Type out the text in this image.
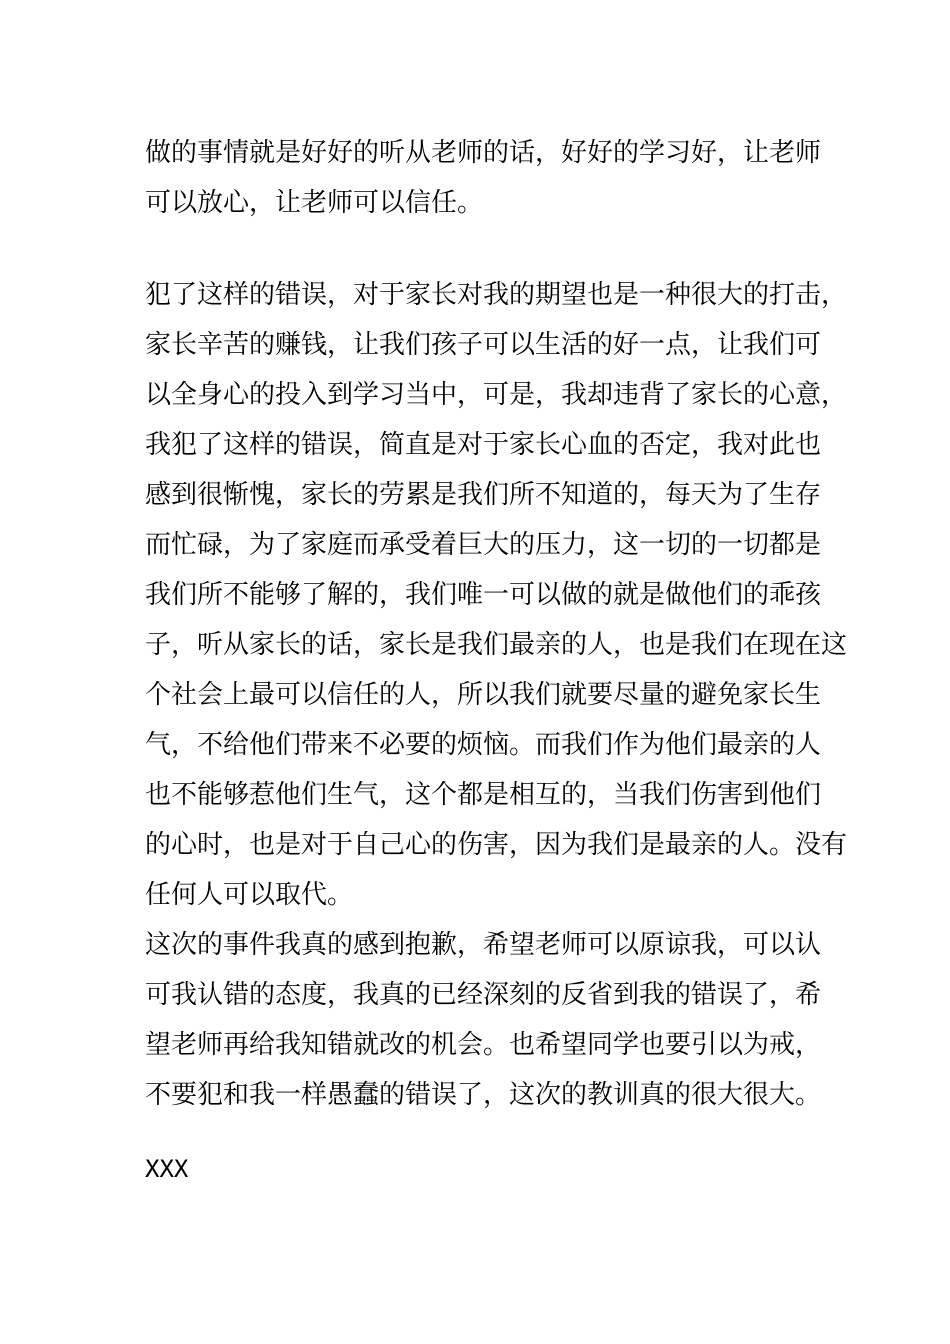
做的事情就是好好的听从老师的话，好好的学习好，让老师
可以放心，让老师可以信任。
犯了这样的错误，对于家长对我的期望也是一种很大的打击，
家长辛苦的赚钱，让我们孩子可以生活的好一点，让我们可
以全身心的投入到学习当中，可是，我却违背了家长的心意，
我犯了这样的错误，简直是对于家长心血的否定，我对此也
感到很惭愧，家长的劳累是我们所不知道的，每天为了生存
而忙碌，为了家庭而承受着巨大的压力，这一切的一切都是
我们所不能够了解的，我们唯一可以做的就是做他们的乖孩
子，听从家长的话，家长是我们最亲的人，也是我们在现在这
个社会上最可以信任的人，所以我们就要尽量的避免家长生
气，不给他们带来不必要的烦恼。而我们作为他们最亲的人
也不能够惹他们生气，这个都是相互的，当我们伤害到他们
的心时，也是对于自己心的伤害，因为我们是最亲的人。没有
任何人可以取代。
这次的事件我真的感到抱歉，希望老师可以原谅我，可以认
可我认错的态度，我真的已经深刻的反省到我的错误了，希
望老师再给我知错就改的机会。也希望同学也要引以为戒，
不要犯和我一样愚蠢的错误了，这次的教训真的很大很大。
XXX
